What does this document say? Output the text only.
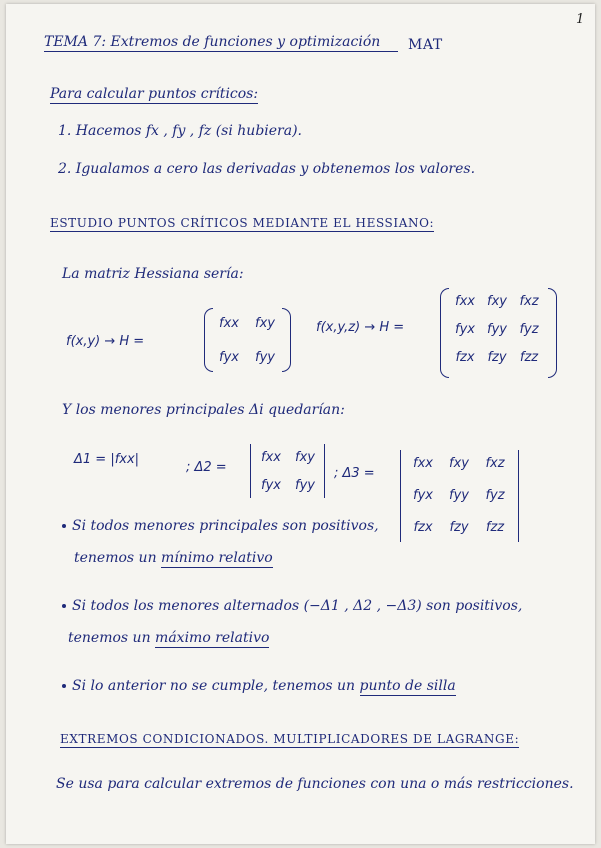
1
TEMA 7: Extremos de funciones y optimización	MAT
Para calcular puntos críticos:
1. Hacemos fx , fy , fz (si hubiera).
2. Igualamos a cero las derivadas y obtenemos los valores.
ESTUDIO PUNTOS CRÍTICOS MEDIANTE EL HESSIANO:
La matriz Hessiana sería:
f(x,y) → H =
fxx	fxy
fyx	fyy
f(x,y,z) → H =
fxx fxy fxz
fyx fyy fyz
fzx fzy	fzz
Y los menores principales Δi quedarían:
Δ1 = |fxx|
; Δ2 =
fxx	fxy
fyx	fyy
; Δ3 =
fxx	fxy	fxz
fyx	fyy	fyz
fzx	fzy	fzz
Si todos menores principales son positivos,
tenemos un mínimo relativo
Si todos los menores alternados (−Δ1 , Δ2 , −Δ3) son positivos,
tenemos un máximo relativo
Si lo anterior no se cumple, tenemos un punto de silla
EXTREMOS CONDICIONADOS. MULTIPLICADORES DE LAGRANGE:
Se usa para calcular extremos de funciones con una o más restricciones.
